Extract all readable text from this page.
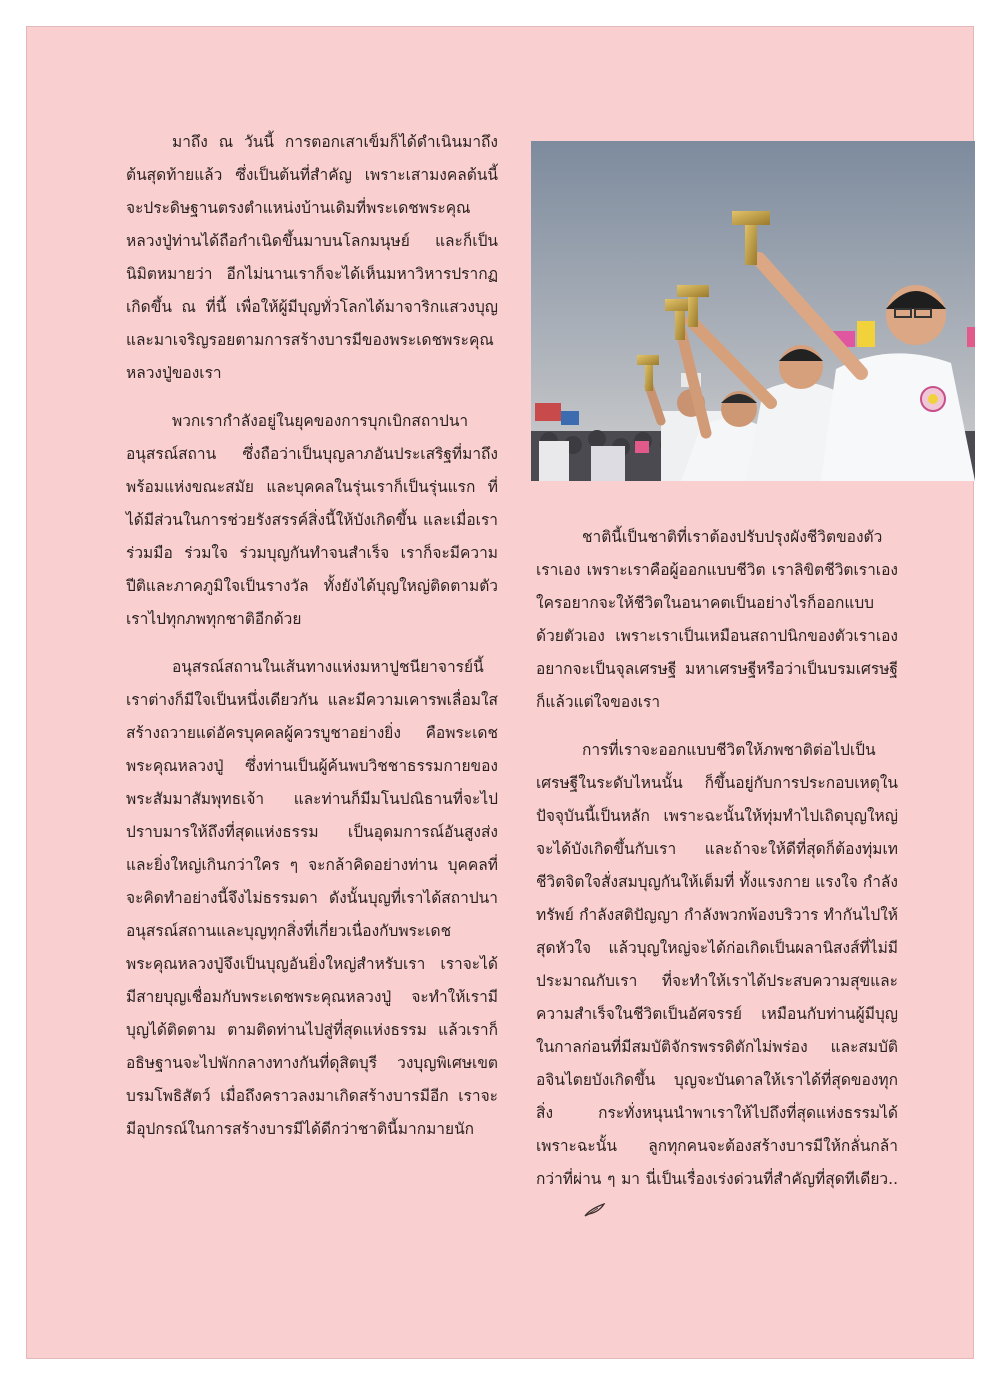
มาถึง ณ วันนี้ การตอกเสาเข็มก็ได้ดำเนินมาถึงต้นสุดท้ายแล้ว ซึ่งเป็นต้นที่สำคัญ เพราะเสามงคลต้นนี้จะประดิษฐานตรงตำแหน่งบ้านเดิมที่พระเดชพระคุณหลวงปู่ท่านได้ถือกำเนิดขึ้นมาบนโลกมนุษย์ และก็เป็นนิมิตหมายว่า อีกไม่นานเราก็จะได้เห็นมหาวิหารปรากฏเกิดขึ้น ณ ที่นี้ เพื่อให้ผู้มีบุญทั่วโลกได้มาจาริกแสวงบุญ และมาเจริญรอยตามการสร้างบารมีของพระเดชพระคุณหลวงปู่ของเรา

พวกเรากำลังอยู่ในยุคของการบุกเบิกสถาปนาอนุสรณ์สถาน ซึ่งถือว่าเป็นบุญลาภอันประเสริฐที่มาถึงพร้อมแห่งขณะสมัย และบุคคลในรุ่นเราก็เป็นรุ่นแรก ที่ได้มีส่วนในการช่วยรังสรรค์สิ่งนี้ให้บังเกิดขึ้น และเมื่อเราร่วมมือ ร่วมใจ ร่วมบุญกันทำจนสำเร็จ เราก็จะมีความปีติและภาคภูมิใจเป็นรางวัล ทั้งยังได้บุญใหญ่ติดตามตัวเราไปทุกภพทุกชาติอีกด้วย

อนุสรณ์สถานในเส้นทางแห่งมหาปูชนียาจารย์นี้ เราต่างก็มีใจเป็นหนึ่งเดียวกัน และมีความเคารพเลื่อมใส สร้างถวายแด่อัครบุคคลผู้ควรบูชาอย่างยิ่ง คือพระเดชพระคุณหลวงปู่ ซึ่งท่านเป็นผู้ค้นพบวิชชาธรรมกายของพระสัมมาสัมพุทธเจ้า และท่านก็มีมโนปณิธานที่จะไปปราบมารให้ถึงที่สุดแห่งธรรม เป็นอุดมการณ์อันสูงส่งและยิ่งใหญ่เกินกว่าใคร ๆ จะกล้าคิดอย่างท่าน บุคคลที่จะคิดทำอย่างนี้จึงไม่ธรรมดา ดังนั้นบุญที่เราได้สถาปนาอนุสรณ์สถานและบุญทุกสิ่งที่เกี่ยวเนื่องกับพระเดชพระคุณหลวงปู่จึงเป็นบุญอันยิ่งใหญ่สำหรับเรา เราจะได้มีสายบุญเชื่อมกับพระเดชพระคุณหลวงปู่ จะทำให้เรามีบุญได้ติดตาม ตามติดท่านไปสู่ที่สุดแห่งธรรม แล้วเราก็อธิษฐานจะไปพักกลางทางกันที่ดุสิตบุรี วงบุญพิเศษเขตบรมโพธิสัตว์ เมื่อถึงคราวลงมาเกิดสร้างบารมีอีก เราจะมีอุปกรณ์ในการสร้างบารมีได้ดีกว่าชาตินี้มากมายนัก

ชาตินี้เป็นชาติที่เราต้องปรับปรุงผังชีวิตของตัวเราเอง เพราะเราคือผู้ออกแบบชีวิต เราลิขิตชีวิตเราเอง ใครอยากจะให้ชีวิตในอนาคตเป็นอย่างไรก็ออกแบบด้วยตัวเอง เพราะเราเป็นเหมือนสถาปนิกของตัวเราเอง อยากจะเป็นจุลเศรษฐี มหาเศรษฐีหรือว่าเป็นบรมเศรษฐี ก็แล้วแต่ใจของเรา

การที่เราจะออกแบบชีวิตให้ภพชาติต่อไปเป็นเศรษฐีในระดับไหนนั้น ก็ขึ้นอยู่กับการประกอบเหตุในปัจจุบันนี้เป็นหลัก เพราะฉะนั้นให้ทุ่มทำไปเถิดบุญใหญ่จะได้บังเกิดขึ้นกับเรา และถ้าจะให้ดีที่สุดก็ต้องทุ่มเทชีวิตจิตใจสั่งสมบุญกันให้เต็มที่ ทั้งแรงกาย แรงใจ กำลังทรัพย์ กำลังสติปัญญา กำลังพวกพ้องบริวาร ทำกันไปให้สุดหัวใจ แล้วบุญใหญ่จะได้ก่อเกิดเป็นผลานิสงส์ที่ไม่มีประมาณกับเรา ที่จะทำให้เราได้ประสบความสุขและความสำเร็จในชีวิตเป็นอัศจรรย์ เหมือนกับท่านผู้มีบุญในกาลก่อนที่มีสมบัติจักรพรรดิตักไม่พร่อง และสมบัติอจินไตยบังเกิดขึ้น บุญจะบันดาลให้เราได้ที่สุดของทุกสิ่ง กระทั่งหนุนนำพาเราให้ไปถึงที่สุดแห่งธรรมได้ เพราะฉะนั้น ลูกทุกคนจะต้องสร้างบารมีให้กลั่นกล้ากว่าที่ผ่าน ๆ มา นี่เป็นเรื่องเร่งด่วนที่สำคัญที่สุดทีเดียว..
